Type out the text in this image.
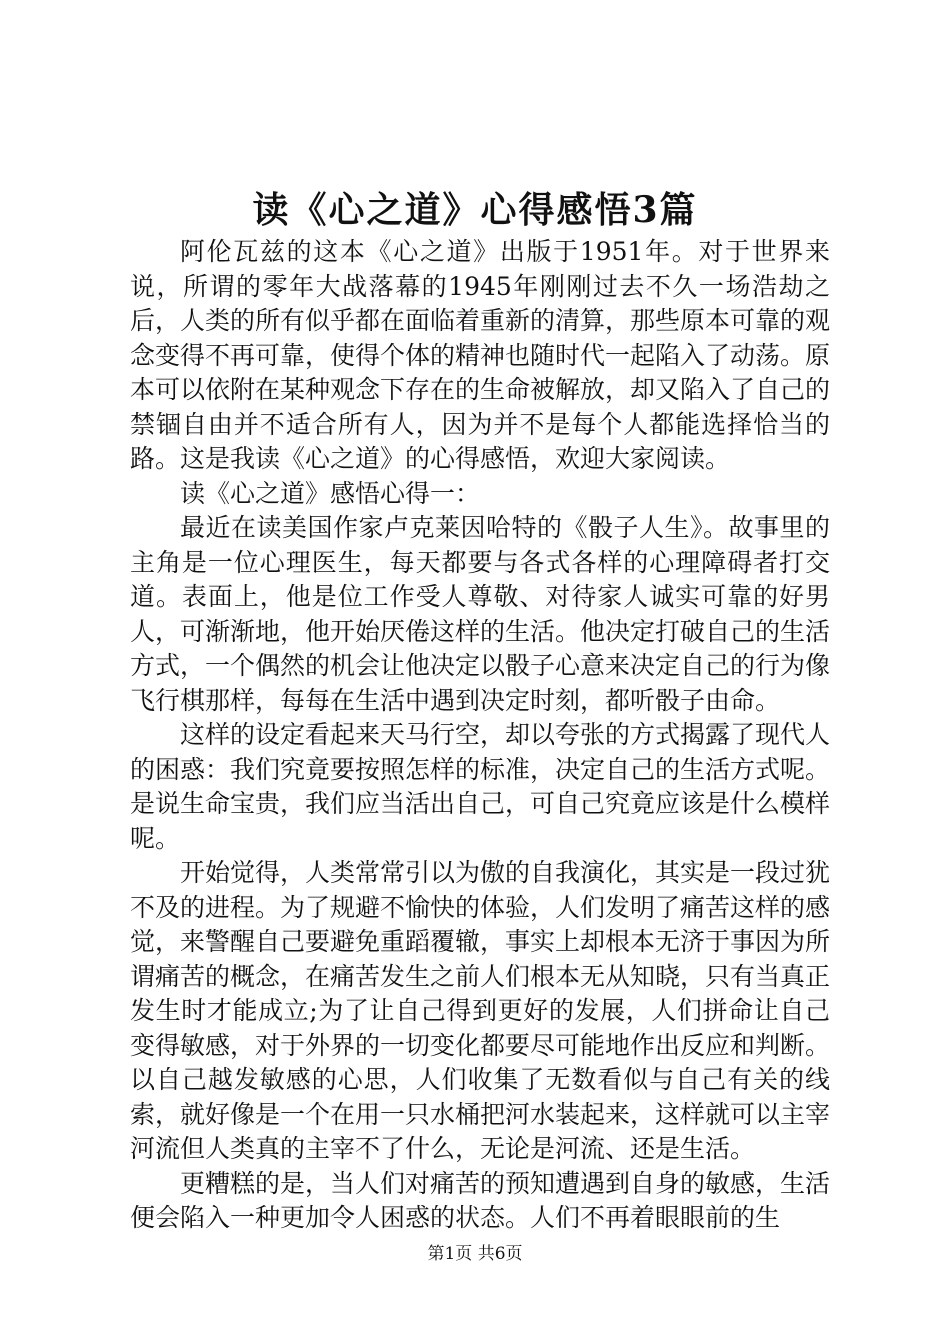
读《心之道》心得感悟3篇

阿伦瓦兹的这本《心之道》出版于1951年。对于世界来说，所谓的零年大战落幕的1945年刚刚过去不久一场浩劫之后，人类的所有似乎都在面临着重新的清算，那些原本可靠的观念变得不再可靠，使得个体的精神也随时代一起陷入了动荡。原本可以依附在某种观念下存在的生命被解放，却又陷入了自己的禁锢自由并不适合所有人，因为并不是每个人都能选择恰当的路。这是我读《心之道》的心得感悟，欢迎大家阅读。

读《心之道》感悟心得一：

最近在读美国作家卢克莱因哈特的《骰子人生》。故事里的主角是一位心理医生，每天都要与各式各样的心理障碍者打交道。表面上，他是位工作受人尊敬、对待家人诚实可靠的好男人，可渐渐地，他开始厌倦这样的生活。他决定打破自己的生活方式，一个偶然的机会让他决定以骰子心意来决定自己的行为像飞行棋那样，每每在生活中遇到决定时刻，都听骰子由命。

这样的设定看起来天马行空，却以夸张的方式揭露了现代人的困惑：我们究竟要按照怎样的标准，决定自己的生活方式呢。是说生命宝贵，我们应当活出自己，可自己究竟应该是什么模样呢。

开始觉得，人类常常引以为傲的自我演化，其实是一段过犹不及的进程。为了规避不愉快的体验，人们发明了痛苦这样的感觉，来警醒自己要避免重蹈覆辙，事实上却根本无济于事因为所谓痛苦的概念，在痛苦发生之前人们根本无从知晓，只有当真正发生时才能成立;为了让自己得到更好的发展，人们拼命让自己变得敏感，对于外界的一切变化都要尽可能地作出反应和判断。以自己越发敏感的心思，人们收集了无数看似与自己有关的线索，就好像是一个在用一只水桶把河水装起来，这样就可以主宰河流但人类真的主宰不了什么，无论是河流、还是生活。

更糟糕的是，当人们对痛苦的预知遭遇到自身的敏感，生活便会陷入一种更加令人困惑的状态。人们不再着眼眼前的生

第1页 共6页
